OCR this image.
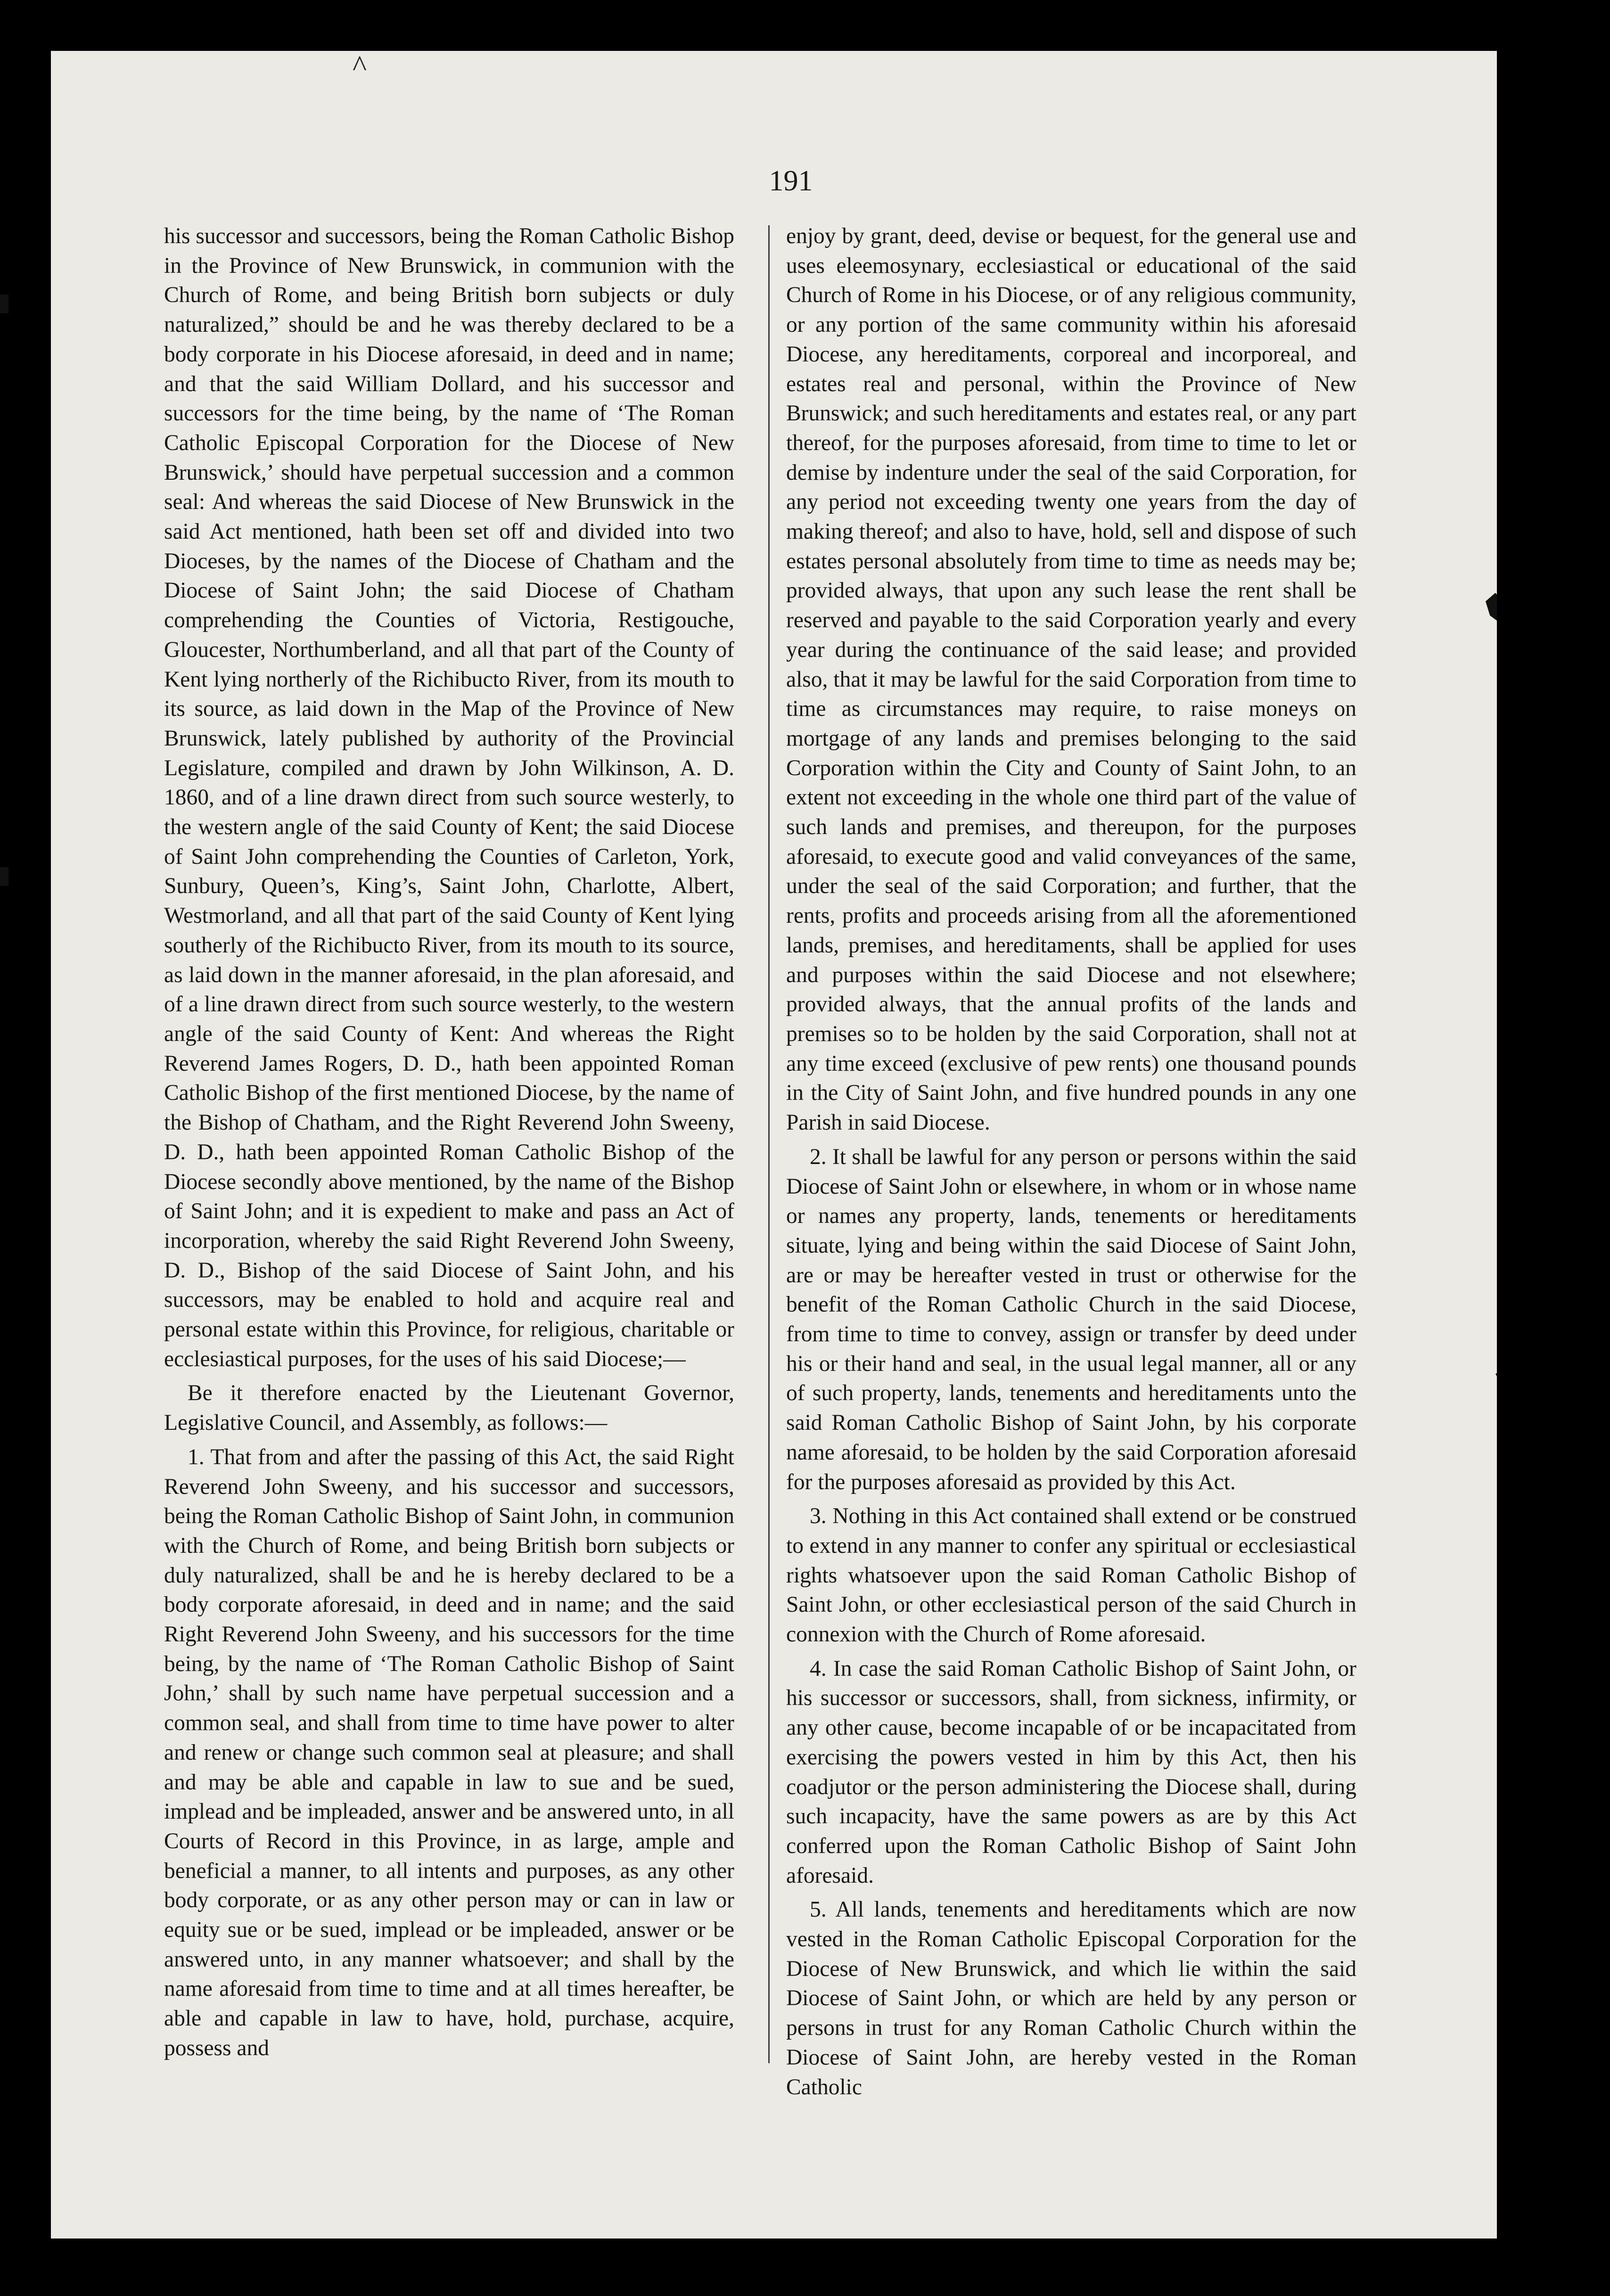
^
191

his successor and successors, being the Roman Catholic Bishop in the Province of New Brunswick, in communion with the Church of Rome, and being British born subjects or duly naturalized,” should be and he was thereby declared to be a body corporate in his Diocese aforesaid, in deed and in name; and that the said William Dollard, and his successor and successors for the time being, by the name of ‘The Roman Catholic Episcopal Corporation for the Diocese of New Brunswick,’ should have perpetual succession and a common seal: And whereas the said Diocese of New Brunswick in the said Act mentioned, hath been set off and divided into two Dioceses, by the names of the Diocese of Chatham and the Diocese of Saint John; the said Diocese of Chatham comprehending the Counties of Victoria, Restigouche, Gloucester, Northumberland, and all that part of the County of Kent lying northerly of the Richibucto River, from its mouth to its source, as laid down in the Map of the Province of New Brunswick, lately published by authority of the Provincial Legislature, compiled and drawn by John Wilkinson, A. D. 1860, and of a line drawn direct from such source westerly, to the western angle of the said County of Kent; the said Diocese of Saint John comprehending the Counties of Carleton, York, Sunbury, Queen’s, King’s, Saint John, Charlotte, Albert, Westmorland, and all that part of the said County of Kent lying southerly of the Richibucto River, from its mouth to its source, as laid down in the manner aforesaid, in the plan aforesaid, and of a line drawn direct from such source westerly, to the western angle of the said County of Kent: And whereas the Right Reverend James Rogers, D. D., hath been appointed Roman Catholic Bishop of the first mentioned Diocese, by the name of the Bishop of Chatham, and the Right Reverend John Sweeny, D. D., hath been appointed Roman Catholic Bishop of the Diocese secondly above mentioned, by the name of the Bishop of Saint John; and it is expedient to make and pass an Act of incorporation, whereby the said Right Reverend John Sweeny, D. D., Bishop of the said Diocese of Saint John, and his successors, may be enabled to hold and acquire real and personal estate within this Province, for religious, charitable or ecclesiastical purposes, for the uses of his said Diocese;—

Be it therefore enacted by the Lieutenant Governor, Legislative Council, and Assembly, as follows:—

1. That from and after the passing of this Act, the said Right Reverend John Sweeny, and his successor and successors, being the Roman Catholic Bishop of Saint John, in communion with the Church of Rome, and being British born subjects or duly naturalized, shall be and he is hereby declared to be a body corporate aforesaid, in deed and in name; and the said Right Reverend John Sweeny, and his successors for the time being, by the name of ‘The Roman Catholic Bishop of Saint John,’ shall by such name have perpetual succession and a common seal, and shall from time to time have power to alter and renew or change such common seal at pleasure; and shall and may be able and capable in law to sue and be sued, implead and be impleaded, answer and be answered unto, in all Courts of Record in this Province, in as large, ample and beneficial a manner, to all intents and purposes, as any other body corporate, or as any other person may or can in law or equity sue or be sued, implead or be impleaded, answer or be answered unto, in any manner whatsoever; and shall by the name aforesaid from time to time and at all times hereafter, be able and capable in law to have, hold, purchase, acquire, possess and

enjoy by grant, deed, devise or bequest, for the general use and uses eleemosynary, ecclesiastical or educational of the said Church of Rome in his Diocese, or of any religious community, or any portion of the same community within his aforesaid Diocese, any hereditaments, corporeal and incorporeal, and estates real and personal, within the Province of New Brunswick; and such hereditaments and estates real, or any part thereof, for the purposes aforesaid, from time to time to let or demise by indenture under the seal of the said Corporation, for any period not exceeding twenty one years from the day of making thereof; and also to have, hold, sell and dispose of such estates personal absolutely from time to time as needs may be; provided always, that upon any such lease the rent shall be reserved and payable to the said Corporation yearly and every year during the continuance of the said lease; and provided also, that it may be lawful for the said Corporation from time to time as circumstances may require, to raise moneys on mortgage of any lands and premises belonging to the said Corporation within the City and County of Saint John, to an extent not exceeding in the whole one third part of the value of such lands and premises, and thereupon, for the purposes aforesaid, to execute good and valid conveyances of the same, under the seal of the said Corporation; and further, that the rents, profits and proceeds arising from all the aforementioned lands, premises, and hereditaments, shall be applied for uses and purposes within the said Diocese and not elsewhere; provided always, that the annual profits of the lands and premises so to be holden by the said Corporation, shall not at any time exceed (exclusive of pew rents) one thousand pounds in the City of Saint John, and five hundred pounds in any one Parish in said Diocese.

2. It shall be lawful for any person or persons within the said Diocese of Saint John or elsewhere, in whom or in whose name or names any property, lands, tenements or hereditaments situate, lying and being within the said Diocese of Saint John, are or may be hereafter vested in trust or otherwise for the benefit of the Roman Catholic Church in the said Diocese, from time to time to convey, assign or transfer by deed under his or their hand and seal, in the usual legal manner, all or any of such property, lands, tenements and hereditaments unto the said Roman Catholic Bishop of Saint John, by his corporate name aforesaid, to be holden by the said Corporation aforesaid for the purposes aforesaid as provided by this Act.

3. Nothing in this Act contained shall extend or be construed to extend in any manner to confer any spiritual or ecclesiastical rights whatsoever upon the said Roman Catholic Bishop of Saint John, or other ecclesiastical person of the said Church in connexion with the Church of Rome aforesaid.

4. In case the said Roman Catholic Bishop of Saint John, or his successor or successors, shall, from sickness, infirmity, or any other cause, become incapable of or be incapacitated from exercising the powers vested in him by this Act, then his coadjutor or the person administering the Diocese shall, during such incapacity, have the same powers as are by this Act conferred upon the Roman Catholic Bishop of Saint John aforesaid.

5. All lands, tenements and hereditaments which are now vested in the Roman Catholic Episcopal Corporation for the Diocese of New Brunswick, and which lie within the said Diocese of Saint John, or which are held by any person or persons in trust for any Roman Catholic Church within the Diocese of Saint John, are hereby vested in the Roman Catholic
